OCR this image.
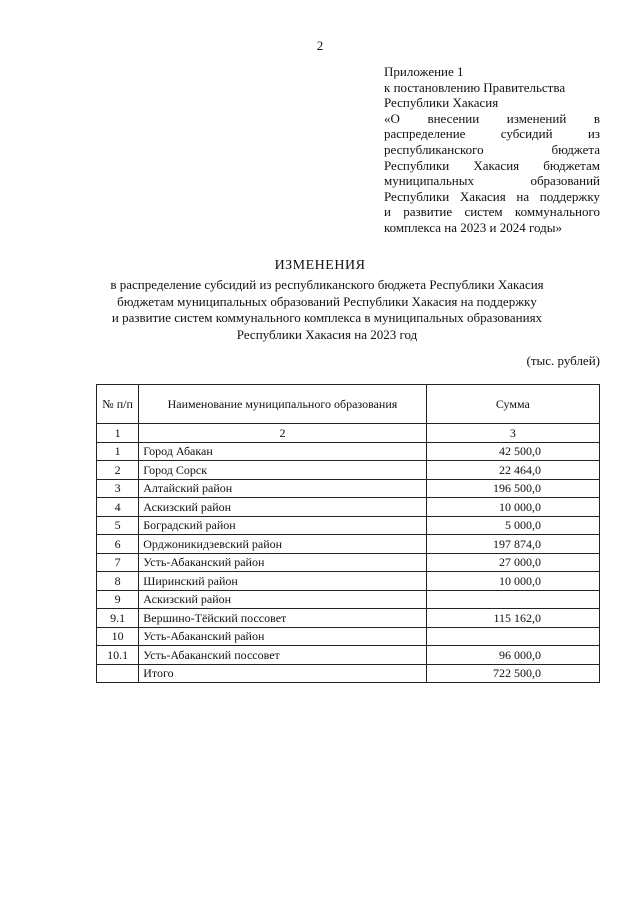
2
Приложение 1
к постановлению Правительства
Республики Хакасия
«О внесении изменений в
распределение субсидий из
республиканского бюджета
Республики Хакасия бюджетам
муниципальных образований
Республики Хакасия на поддержку
и развитие систем коммунального
комплекса на 2023 и 2024 годы»
ИЗМЕНЕНИЯ
в распределение субсидий из республиканского бюджета Республики Хакасия
бюджетам муниципальных образований Республики Хакасия на поддержку
и развитие систем коммунального комплекса в муниципальных образованиях
Республики Хакасия на 2023 год
(тыс. рублей)
№ п/п	Наименование муниципального образования	Сумма
1	2	3
1	Город Абакан	42 500,0
2	Город Сорск	22 464,0
3	Алтайский район	196 500,0
4	Аскизский район	10 000,0
5	Боградский район	5 000,0
6	Орджоникидзевский район	197 874,0
7	Усть-Абаканский район	27 000,0
8	Ширинский район	10 000,0
9	Аскизский район	
9.1	Вершино-Тёйский поссовет	115 162,0
10	Усть-Абаканский район	
10.1	Усть-Абаканский поссовет	96 000,0
	Итого	722 500,0
